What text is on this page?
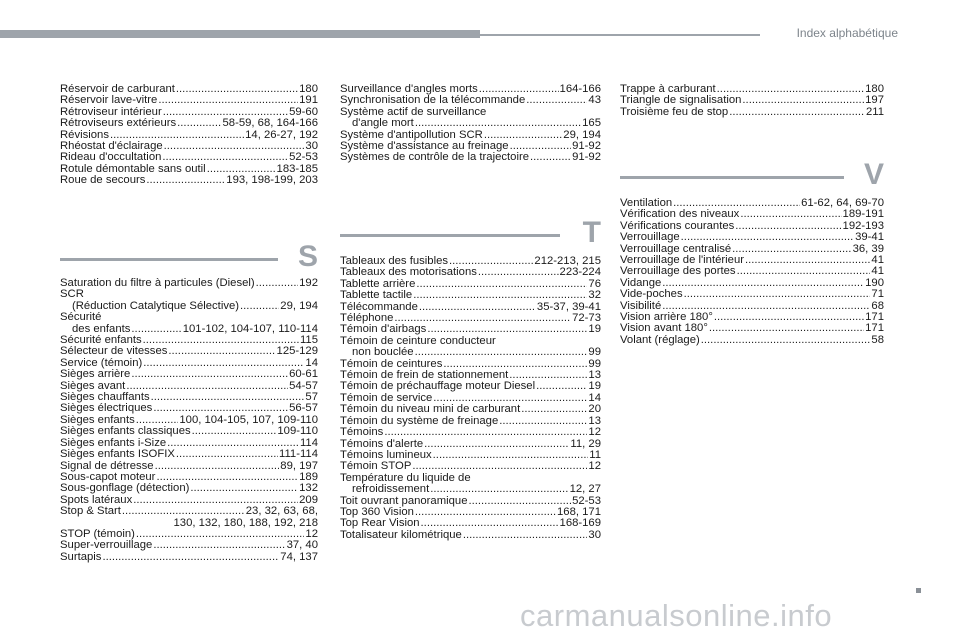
Index alphabétique
Réservoir de carburant .....	180
Réservoir lave-vitre .....	191
Rétroviseur intérieur .....	59-60
Rétroviseurs extérieurs .....	58-59, 68, 164-166
Révisions .....	14, 26-27, 192
Rhéostat d'éclairage .....	30
Rideau d'occultation .....	52-53
Rotule démontable sans outil .....	183-185
Roue de secours .....	193, 198-199, 203
S
Saturation du filtre à particules (Diesel) .....	192
SCR
(Réduction Catalytique Sélective) .....	29, 194
Sécurité
des enfants .....	101-102, 104-107, 110-114
Sécurité enfants .....	115
Sélecteur de vitesses .....	125-129
Service (témoin) .....	14
Sièges arrière .....	60-61
Sièges avant .....	54-57
Sièges chauffants .....	57
Sièges électriques .....	56-57
Sièges enfants .....	100, 104-105, 107, 109-110
Sièges enfants classiques .....	109-110
Sièges enfants i-Size .....	114
Sièges enfants ISOFIX .....	111-114
Signal de détresse .....	89, 197
Sous-capot moteur .....	189
Sous-gonflage (détection) .....	132
Spots latéraux .....	209
Stop & Start .....	23, 32, 63, 68,
130, 132, 180, 188, 192, 218
STOP (témoin) .....	12
Super-verrouillage .....	37, 40
Surtapis .....	74, 137
Surveillance d'angles morts .....	164-166
Synchronisation de la télécommande .....	43
Système actif de surveillance
d'angle mort .....	165
Système d'antipollution SCR .....	29, 194
Système d'assistance au freinage .....	91-92
Systèmes de contrôle de la trajectoire .....	91-92
T
Tableaux des fusibles .....	212-213, 215
Tableaux des motorisations .....	223-224
Tablette arrière .....	76
Tablette tactile .....	32
Télécommande .....	35-37, 39-41
Téléphone .....	72-73
Témoin d'airbags .....	19
Témoin de ceinture conducteur
non bouclée .....	99
Témoin de ceintures .....	99
Témoin de frein de stationnement .....	13
Témoin de préchauffage moteur Diesel .....	19
Témoin de service .....	14
Témoin du niveau mini de carburant .....	20
Témoin du système de freinage .....	13
Témoins .....	12
Témoins d'alerte .....	11, 29
Témoins lumineux .....	11
Témoin STOP .....	12
Température du liquide de
refroidissement .....	12, 27
Toit ouvrant panoramique .....	52-53
Top 360 Vision .....	168, 171
Top Rear Vision .....	168-169
Totalisateur kilométrique .....	30
Trappe à carburant .....	180
Triangle de signalisation .....	197
Troisième feu de stop .....	211
V
Ventilation .....	61-62, 64, 69-70
Vérification des niveaux .....	189-191
Vérifications courantes .....	192-193
Verrouillage .....	39-41
Verrouillage centralisé .....	36, 39
Verrouillage de l'intérieur .....	41
Verrouillage des portes .....	41
Vidange .....	190
Vide-poches .....	71
Visibilité .....	68
Vision arrière 180° .....	171
Vision avant 180° .....	171
Volant (réglage) .....	58
carmanualsonline.info
